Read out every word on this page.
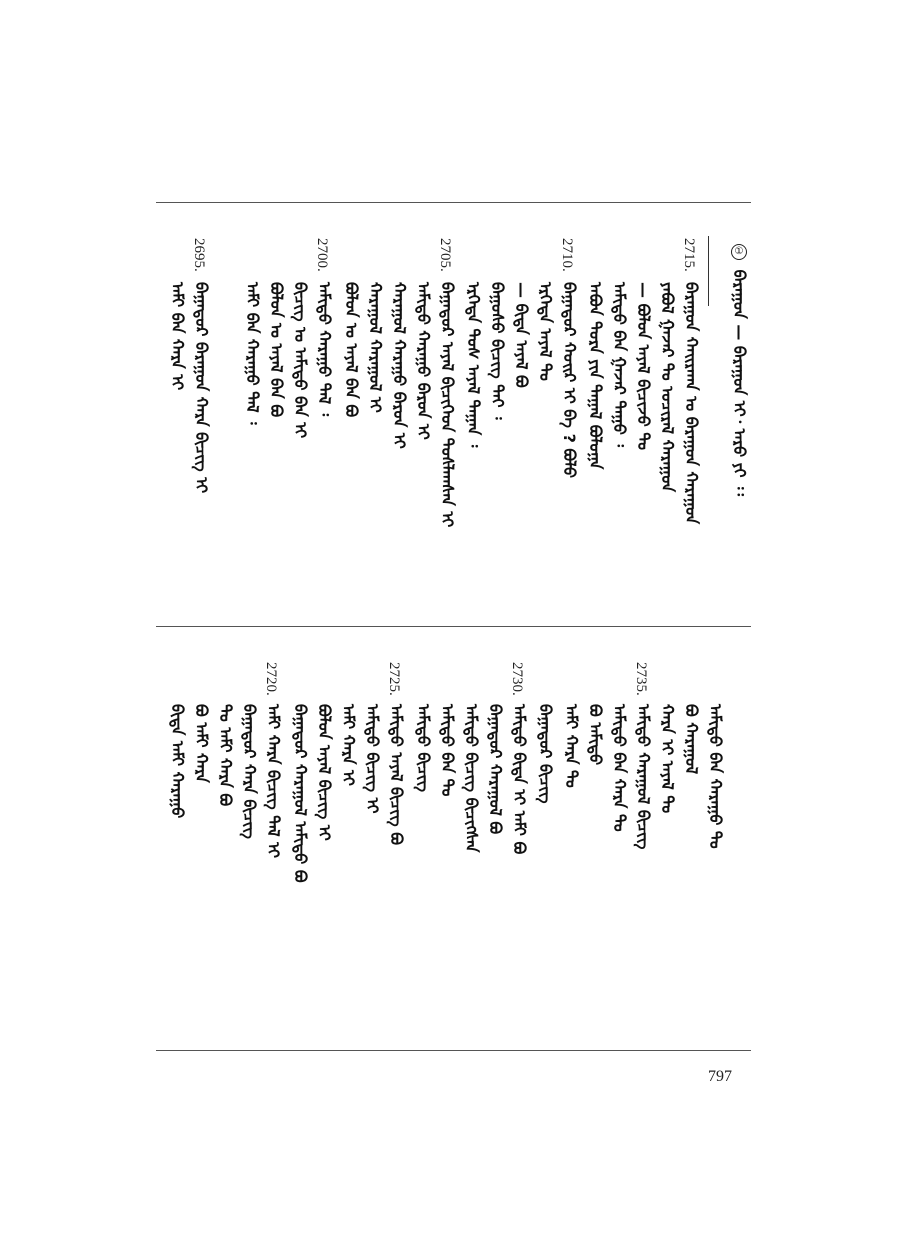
① ᠪᠠᠷᠠᠭᠤᠨ — ᠪᠠᠷᠠᠭᠤᠨ ᠢ᠂ ᠠᠷᠤ ᠶᠢ ᠄᠄
2715.
2710.
2705.
2700.
2695.
2735.
2730.
2725.
2720.
ᠪᠠᠷᠠᠭᠤᠨ ᠬᠠᠢᠷᠬᠠᠨ ᠤ ᠪᠠᠷᠠᠭᠤᠨ ᠬᠠᠷᠠᠭᠤᠨ
ᠶᠠᠪᠤᠯ ᠭᠠᠵᠠᠷ ᠲᠤ ᠤᠴᠢᠷᠠᠯ ᠬᠠᠷᠠᠭᠤᠨ
— ᠪᠣᠯᠤᠨ ᠠᠶᠠᠯ ᠪᠢᠴᠢᠵᠦ ᠲᠤ
ᠠᠮᠢᠳᠤ ᠪᠠᠨ ᠭᠠᠵᠠᠷ ᠳᠠᠭᠤ ᠄
ᠠᠪᠤᠨ ᠲᠤᠷᠠ ᠶᠢᠨ ᠲᠠᠭᠠᠯ ᠪᠣᠯᠤᠭᠠ
ᠪᠠᠭᠠᠳᠤᠷ ᠬᠣᠢᠷ ᠢ ᠪᠡ ? ᠪᠣᠯᠤ
ᠡᠷᠬᠡᠳᠡ ᠠᠶᠠᠯ ᠲᠤ
— ᠪᠢᠳᠡ ᠠᠶᠠᠯ ᠪᠣ
ᠪᠠᠭᠤᠰᠤ ᠪᠢᠴᠢᠭ ᠲᠠᠢ ᠄
ᠡᠷᠬᠡᠳᠡ ᠲᠤᠰ ᠠᠶᠠᠯ ᠲᠠᠭᠠᠨ ᠄
ᠪᠠᠭᠠᠳᠤᠷ ᠠᠶᠠᠯ ᠪᠢᠴᠢᠭᠡᠳ ᠲᠤᠰᠯᠠᠭᠰᠠᠨ ᠢ
ᠠᠮᠢᠳᠤ ᠬᠠᠷᠠᠭᠤ ᠪᠠᠷᠤᠨ ᠢ
ᠬᠠᠷᠠᠭᠤᠯ ᠬᠠᠷᠠᠭᠤ ᠪᠠᠷᠤᠨ ᠢ
ᠬᠠᠷᠠᠭᠤᠯ ᠬᠠᠷᠠᠭᠤᠯ ᠢ
ᠪᠣᠯᠤᠨ ᠤ ᠠᠶᠠᠯ ᠪᠠᠨ ᠪᠣ
ᠠᠮᠢᠳᠤ ᠬᠠᠷᠠᠭᠤ ᠲᠠᠯ ᠄
ᠪᠢᠴᠢᠭ ᠤ ᠠᠮᠢᠳᠤ ᠪᠠᠨ ᠢ
ᠪᠣᠯᠤᠨ ᠤ ᠠᠶᠠᠯ ᠪᠠᠨ ᠪᠣ
ᠠᠮᠢ ᠪᠠᠨ ᠬᠠᠷᠠᠭᠤ ᠲᠠᠯ ᠄
ᠪᠠᠭᠠᠳᠤᠷ ᠪᠠᠷᠠᠭᠤᠨ ᠬᠠᠷᠠ ᠪᠢᠴᠢᠭ ᠢ
ᠠᠮᠢ ᠪᠠᠨ ᠬᠠᠷᠠ ᠢ
ᠠᠮᠢᠳᠤ ᠪᠠᠨ ᠬᠠᠷᠠᠭᠤ ᠲᠤ
ᠪᠣ ᠬᠠᠷᠠᠭᠤᠯ
ᠬᠠᠷᠠ ᠢ ᠠᠶᠠᠯ ᠲᠤ
ᠠᠮᠢᠳᠤ ᠬᠠᠷᠠᠭᠤᠯ ᠪᠢᠴᠢᠭ
ᠠᠮᠢᠳᠤ ᠪᠠᠨ ᠬᠠᠷᠠ ᠲᠤ
ᠪᠣ ᠠᠮᠢᠳᠤ
ᠠᠮᠢ ᠬᠠᠷᠠ ᠲᠤ
ᠪᠠᠭᠠᠳᠤᠷ ᠪᠢᠴᠢᠭ
ᠠᠮᠢᠳᠤ ᠪᠢᠳᠡ ᠢ ᠠᠮᠢ ᠪᠣ
ᠪᠠᠭᠠᠳᠤᠷ ᠬᠠᠷᠠᠭᠤᠯ ᠪᠣ
ᠠᠮᠢᠳᠤ ᠪᠢᠴᠢᠭ ᠪᠢᠴᠢᠭᠰᠡᠨ
ᠠᠮᠢᠳᠤ ᠪᠠᠨ ᠲᠤ
ᠠᠮᠢᠳᠤ ᠪᠢᠴᠢᠭ
ᠠᠮᠢᠳᠤ ᠠᠶᠠᠯ ᠪᠢᠴᠢᠭ ᠪᠣ
ᠠᠮᠢᠳᠤ ᠪᠢᠴᠢᠭ ᠢ
ᠠᠮᠢ ᠬᠠᠷᠠ ᠢ
ᠪᠣᠯᠤᠨ ᠠᠶᠠᠯ ᠪᠢᠴᠢᠭ ᠢ
ᠪᠠᠭᠠᠳᠤᠷ ᠬᠠᠷᠠᠭᠤᠯ ᠠᠮᠢᠳᠤ ᠪᠣ
ᠠᠮᠢ ᠬᠠᠷᠠ ᠪᠢᠴᠢᠭ ᠲᠠᠯ ᠢ
ᠪᠠᠭᠠᠳᠤᠷ ᠬᠠᠷᠠ ᠪᠢᠴᠢᠭ
ᠲᠤ ᠠᠮᠢ ᠬᠠᠷᠠ ᠪᠣ
ᠪᠣ ᠠᠮᠢ ᠬᠠᠷᠠ
ᠪᠢᠳᠡ ᠠᠮᠢ ᠬᠠᠷᠠᠭᠤ
797
